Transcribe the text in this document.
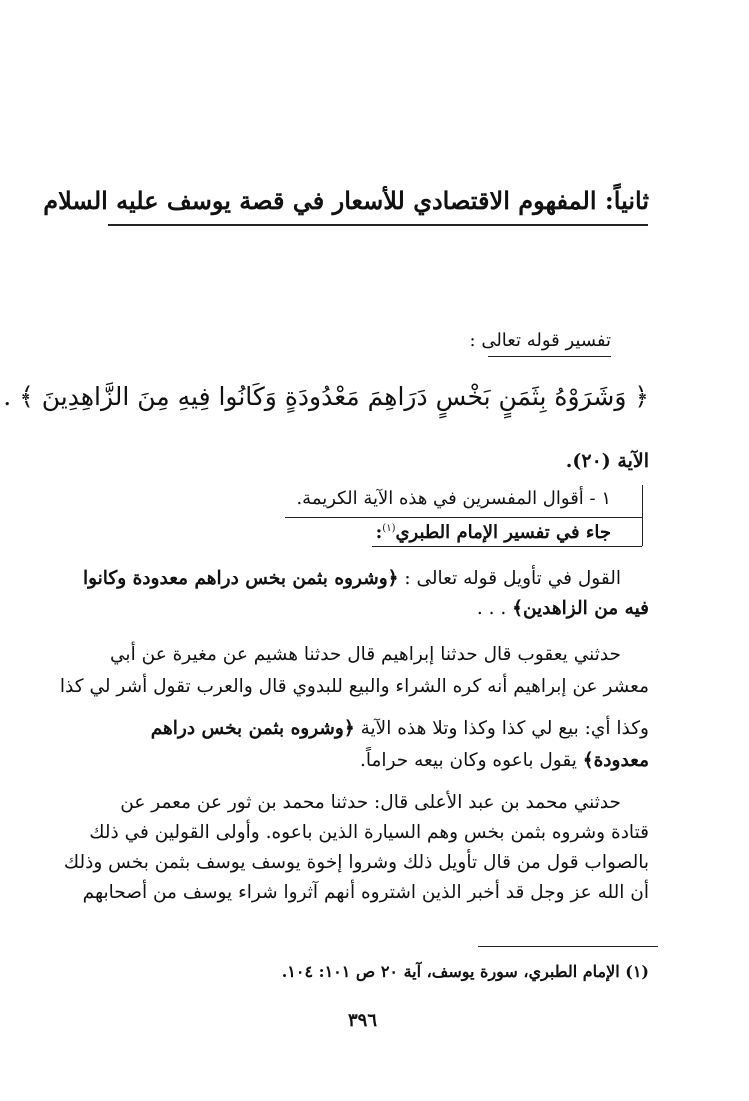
ثانياً: المفهوم الاقتصادي للأسعار في قصة يوسف عليه السلام
تفسير قوله تعالى :
﴿ وَشَرَوْهُ بِثَمَنٍ بَخْسٍ دَرَاهِمَ مَعْدُودَةٍ وَكَانُوا فِيهِ مِنَ الزَّاهِدِينَ ﴾ .
الآية (٢٠).
١ - أقوال المفسرين في هذه الآية الكريمة.
جاء في تفسير الإمام الطبري$^{(١)}$:
القول في تأويل قوله تعالى : ﴿وشروه بثمن بخس دراهم معدودة وكانوا
فيه من الزاهدين﴾ . . .
حدثني يعقوب قال حدثنا إبراهيم قال حدثنا هشيم عن مغيرة عن أبي
معشر عن إبراهيم أنه كره الشراء والبيع للبدوي قال والعرب تقول أشر لي كذا
وكذا أي: بيع لي كذا وكذا وتلا هذه الآية ﴿وشروه بثمن بخس دراهم
معدودة﴾ يقول باعوه وكان بيعه حراماً.
حدثني محمد بن عبد الأعلى قال: حدثنا محمد بن ثور عن معمر عن
قتادة وشروه بثمن بخس وهم السيارة الذين باعوه. وأولى القولين في ذلك
بالصواب قول من قال تأويل ذلك وشروا إخوة يوسف يوسف بثمن بخس وذلك
أن الله عز وجل قد أخبر الذين اشتروه أنهم آثروا شراء يوسف من أصحابهم
(١) الإمام الطبري، سورة يوسف، آية ٢٠ ص ١٠١: ١٠٤.
٣٩٦
